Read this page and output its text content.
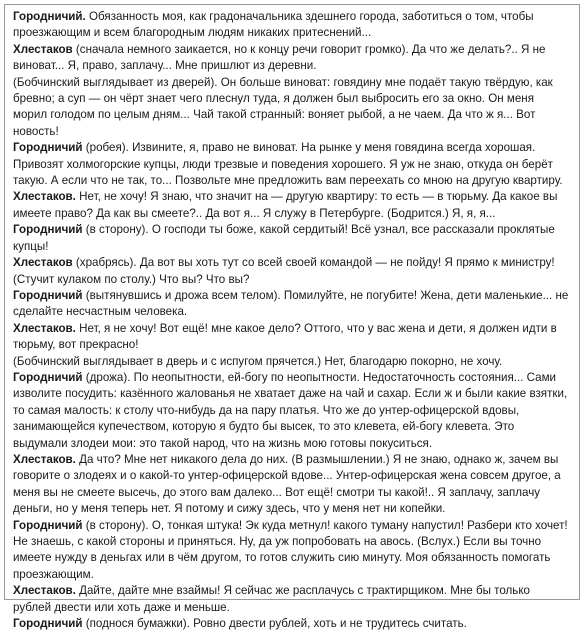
Городничий. Обязанность моя, как градоначальника здешнего города, заботиться о том, чтобы проезжающим и всем благородным людям никаких притеснений...

Хлестаков (сначала немного заикается, но к концу речи говорит громко). Да что же делать?.. Я не виноват... Я, право, заплачу... Мне пришлют из деревни.

(Бобчинский выглядывает из дверей). Он больше виноват: говядину мне подаёт такую твёрдую, как бревно; а суп — он чёрт знает чего плеснул туда, я должен был выбросить его за окно. Он меня морил голодом по целым дням... Чай такой странный: воняет рыбой, а не чаем. Да что ж я... Вот новость!

Городничий (робея). Извините, я, право не виноват. На рынке у меня говядина всегда хорошая. Привозят холмогорские купцы, люди трезвые и поведения хорошего. Я уж не знаю, откуда он берёт такую. А если что не так, то... Позвольте мне предложить вам переехать со мною на другую квартиру.

Хлестаков. Нет, не хочу! Я знаю, что значит на — другую квартиру: то есть — в тюрьму. Да какое вы имеете право? Да как вы смеете?.. Да вот я... Я служу в Петербурге. (Бодрится.) Я, я, я...

Городничий (в сторону). О господи ты боже, какой сердитый! Всё узнал, все рассказали проклятые купцы!

Хлестаков (храбрясь). Да вот вы хоть тут со всей своей командой — не пойду! Я прямо к министру! (Стучит кулаком по столу.) Что вы? Что вы?

Городничий (вытянувшись и дрожа всем телом). Помилуйте, не погубите! Жена, дети маленькие... не сделайте несчастным человека.

Хлестаков. Нет, я не хочу! Вот ещё! мне какое дело? Оттого, что у вас жена и дети, я должен идти в тюрьму, вот прекрасно!

(Бобчинский выглядывает в дверь и с испугом прячется.) Нет, благодарю покорно, не хочу.

Городничий (дрожа). По неопытности, ей-богу по неопытности. Недостаточность состояния... Сами изволите посудить: казённого жалованья не хватает даже на чай и сахар. Если ж и были какие взятки, то самая малость: к столу что-нибудь да на пару платья. Что же до унтер-офицерской вдовы, занимающейся купечеством, которую я будто бы высек, то это клевета, ей-богу клевета. Это выдумали злодеи мои: это такой народ, что на жизнь мою готовы покуситься.

Хлестаков. Да что? Мне нет никакого дела до них. (В размышлении.) Я не знаю, однако ж, зачем вы говорите о злодеях и о какой-то унтер-офицерской вдове... Унтер-офицерская жена совсем другое, а меня вы не смеете высечь, до этого вам далеко... Вот ещё! смотри ты какой!.. Я заплачу, заплачу деньги, но у меня теперь нет. Я потому и сижу здесь, что у меня нет ни копейки.

Городничий (в сторону). О, тонкая штука! Эк куда метнул! какого туману напустил! Разбери кто хочет! Не знаешь, с какой стороны и приняться. Ну, да уж попробовать на авось. (Вслух.) Если вы точно имеете нужду в деньгах или в чём другом, то готов служить сию минуту. Моя обязанность помогать проезжающим.

Хлестаков. Дайте, дайте мне взаймы! Я сейчас же расплачусь с трактирщиком. Мне бы только рублей двести или хоть даже и меньше.

Городничий (поднося бумажки). Ровно двести рублей, хоть и не трудитесь считать.
